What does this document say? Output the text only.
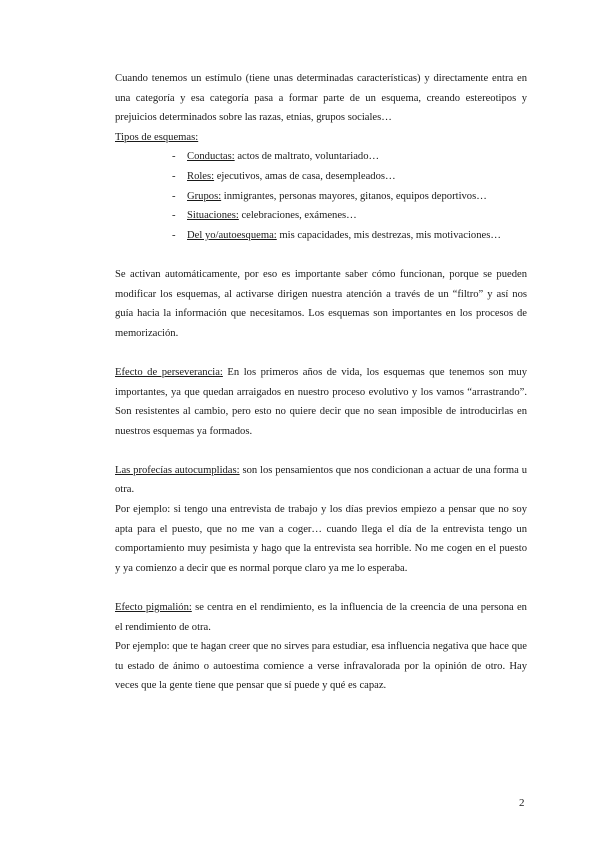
Cuando tenemos un estímulo (tiene unas determinadas características) y directamente entra en una categoría y esa categoría pasa a formar parte de un esquema, creando estereotipos y prejuicios determinados sobre las razas, etnias, grupos sociales…

Tipos de esquemas:

- Conductas: actos de maltrato, voluntariado…
- Roles: ejecutivos, amas de casa, desempleados…
- Grupos: inmigrantes, personas mayores, gitanos, equipos deportivos…
- Situaciones: celebraciones, exámenes…
- Del yo/autoesquema: mis capacidades, mis destrezas, mis motivaciones…

Se activan automáticamente, por eso es importante saber cómo funcionan, porque se pueden modificar los esquemas, al activarse dirigen nuestra atención a través de un “filtro” y así nos guía hacia la información que necesitamos. Los esquemas son importantes en los procesos de memorización.

Efecto de perseverancia: En los primeros años de vida, los esquemas que tenemos son muy importantes, ya que quedan arraigados en nuestro proceso evolutivo y los vamos “arrastrando”. Son resistentes al cambio, pero esto no quiere decir que no sean imposible de introducirlas en nuestros esquemas ya formados.

Las profecías autocumplidas: son los pensamientos que nos condicionan a actuar de una forma u otra.

Por ejemplo: si tengo una entrevista de trabajo y los días previos empiezo a pensar que no soy apta para el puesto, que no me van a coger… cuando llega el día de la entrevista tengo un comportamiento muy pesimista y hago que la entrevista sea horrible. No me cogen en el puesto y ya comienzo a decir que es normal porque claro ya me lo esperaba.

Efecto pigmalión: se centra en el rendimiento, es la influencia de la creencia de una persona en el rendimiento de otra.

Por ejemplo: que te hagan creer que no sirves para estudiar, esa influencia negativa que hace que tu estado de ánimo o autoestima comience a verse infravalorada por la opinión de otro. Hay veces que la gente tiene que pensar que sí puede y qué es capaz.

2
